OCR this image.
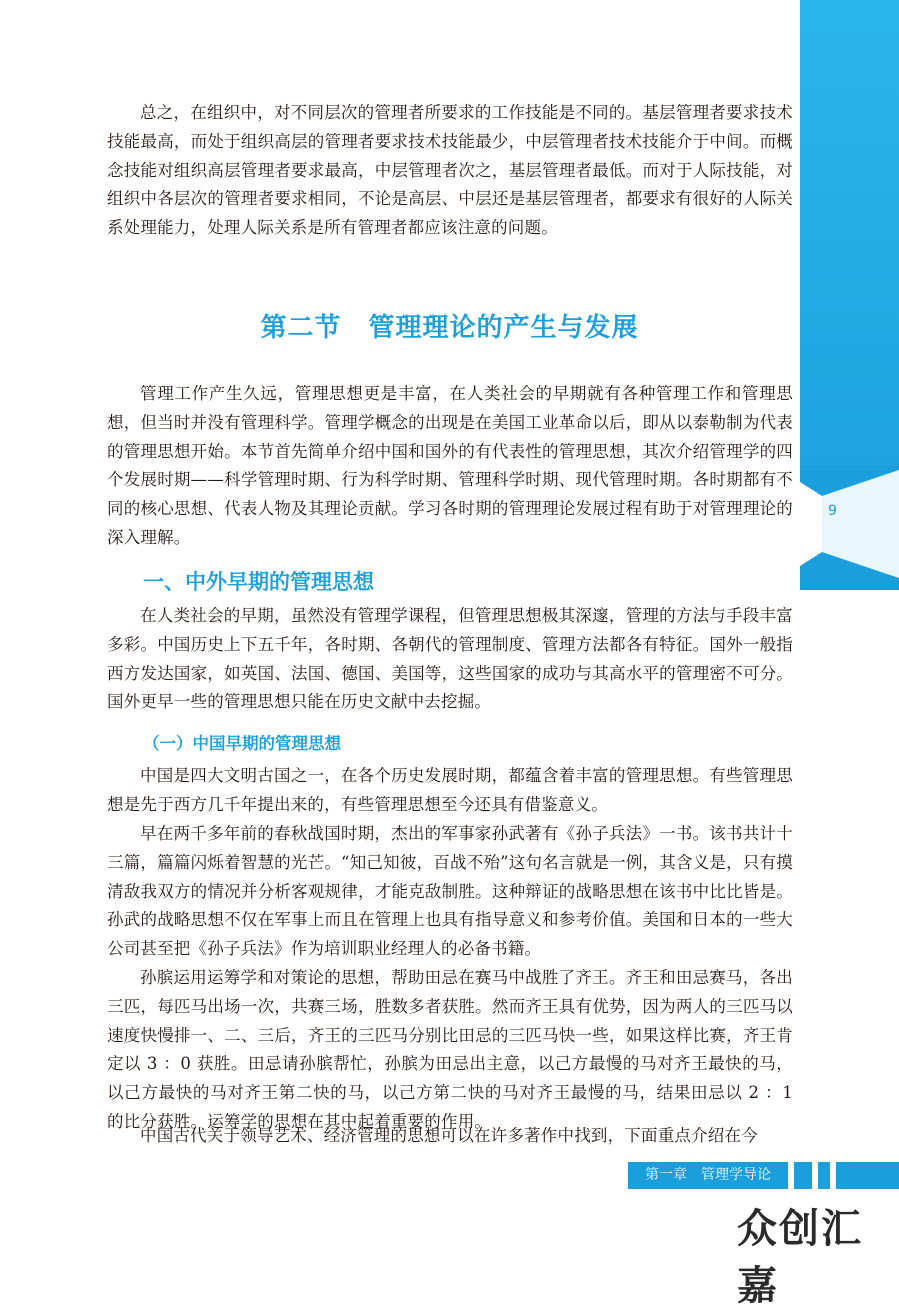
9

总之，在组织中，对不同层次的管理者所要求的工作技能是不同的。基层管理者要求技术技能最高，而处于组织高层的管理者要求技术技能最少，中层管理者技术技能介于中间。而概念技能对组织高层管理者要求最高，中层管理者次之，基层管理者最低。而对于人际技能，对组织中各层次的管理者要求相同，不论是高层、中层还是基层管理者，都要求有很好的人际关系处理能力，处理人际关系是所有管理者都应该注意的问题。

第二节　管理理论的产生与发展

管理工作产生久远，管理思想更是丰富，在人类社会的早期就有各种管理工作和管理思想，但当时并没有管理科学。管理学概念的出现是在美国工业革命以后，即从以泰勒制为代表的管理思想开始。本节首先简单介绍中国和国外的有代表性的管理思想，其次介绍管理学的四个发展时期——科学管理时期、行为科学时期、管理科学时期、现代管理时期。各时期都有不同的核心思想、代表人物及其理论贡献。学习各时期的管理理论发展过程有助于对管理理论的深入理解。

一、中外早期的管理思想

在人类社会的早期，虽然没有管理学课程，但管理思想极其深邃，管理的方法与手段丰富多彩。中国历史上下五千年，各时期、各朝代的管理制度、管理方法都各有特征。国外一般指西方发达国家，如英国、法国、德国、美国等，这些国家的成功与其高水平的管理密不可分。国外更早一些的管理思想只能在历史文献中去挖掘。

（一）中国早期的管理思想

中国是四大文明古国之一，在各个历史发展时期，都蕴含着丰富的管理思想。有些管理思想是先于西方几千年提出来的，有些管理思想至今还具有借鉴意义。

早在两千多年前的春秋战国时期，杰出的军事家孙武著有《孙子兵法》一书。该书共计十三篇，篇篇闪烁着智慧的光芒。“知己知彼，百战不殆”这句名言就是一例，其含义是，只有摸清敌我双方的情况并分析客观规律，才能克敌制胜。这种辩证的战略思想在该书中比比皆是。孙武的战略思想不仅在军事上而且在管理上也具有指导意义和参考价值。美国和日本的一些大公司甚至把《孙子兵法》作为培训职业经理人的必备书籍。

孙膑运用运筹学和对策论的思想，帮助田忌在赛马中战胜了齐王。齐王和田忌赛马，各出三匹，每匹马出场一次，共赛三场，胜数多者获胜。然而齐王具有优势，因为两人的三匹马以速度快慢排一、二、三后，齐王的三匹马分别比田忌的三匹马快一些，如果这样比赛，齐王肯定以 3 ：0 获胜。田忌请孙膑帮忙，孙膑为田忌出主意，以己方最慢的马对齐王最快的马，以己方最快的马对齐王第二快的马，以己方第二快的马对齐王最慢的马，结果田忌以 2 ：1 的比分获胜。运筹学的思想在其中起着重要的作用。

中国古代关于领导艺术、经济管理的思想可以在许多著作中找到，下面重点介绍在今

第一章　管理学导论
众创汇嘉
